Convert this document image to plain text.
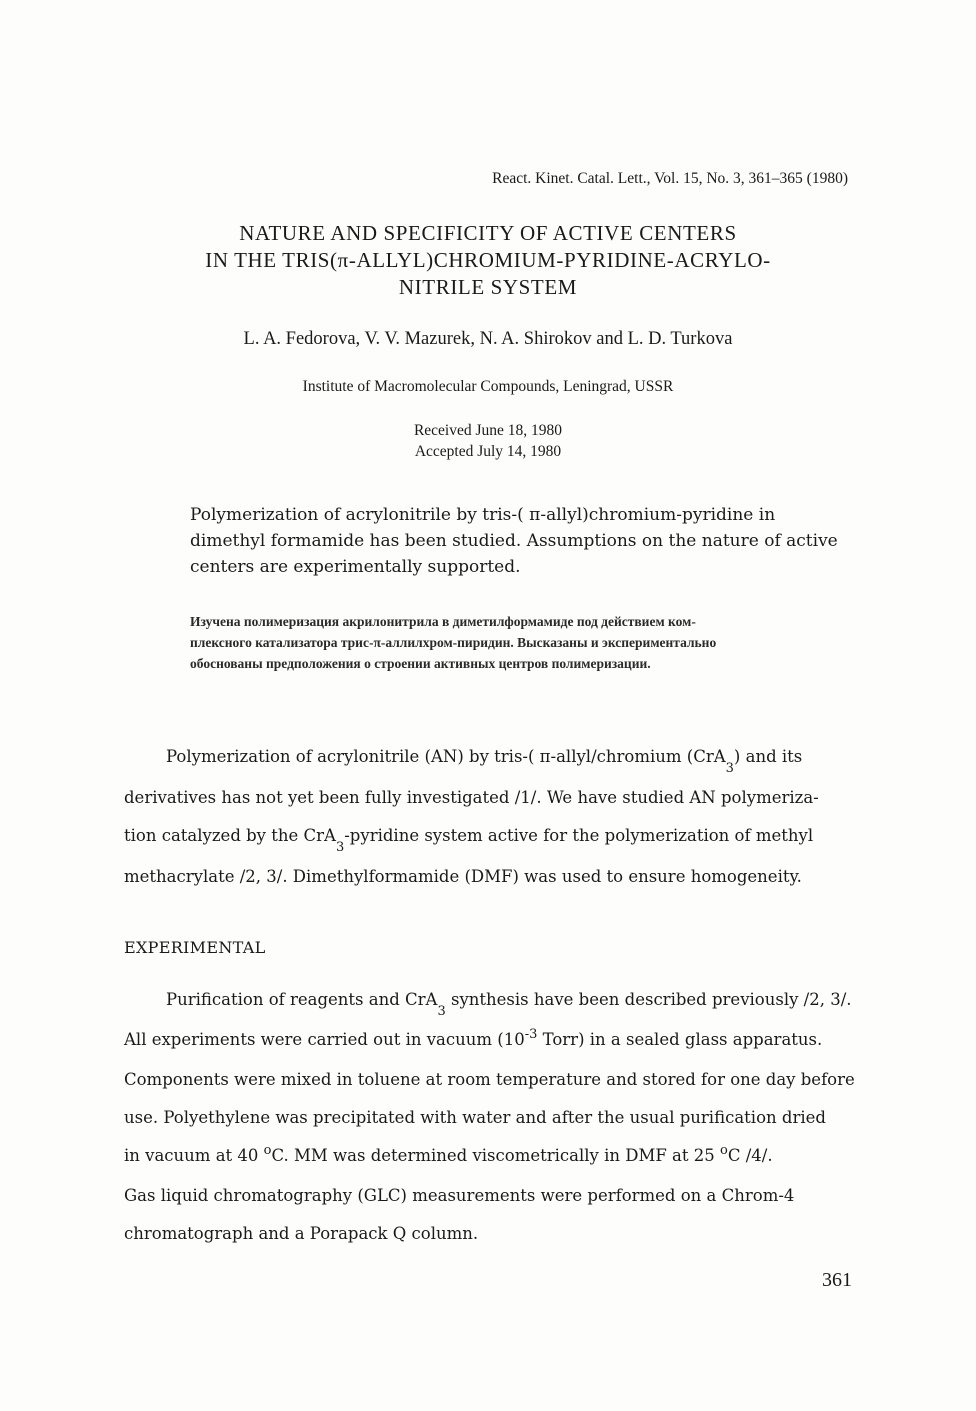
React. Kinet. Catal. Lett., Vol. 15, No. 3, 361–365 (1980)
NATURE AND SPECIFICITY OF ACTIVE CENTERS
IN THE TRIS(π-ALLYL)CHROMIUM-PYRIDINE-ACRYLO-
NITRILE SYSTEM
L. A. Fedorova, V. V. Mazurek, N. A. Shirokov and L. D. Turkova
Institute of Macromolecular Compounds, Leningrad, USSR
Received June 18, 1980
Accepted July 14, 1980
Polymerization of acrylonitrile by tris-( π-allyl)chromium-pyridine in
dimethyl formamide has been studied. Assumptions on the nature of active
centers are experimentally supported.
Изучена полимеризация акрилонитрила в диметилформамиде под действием ком-
плексного катализатора трис-π-аллилхром-пиридин. Высказаны и экспериментально
обоснованы предположения о строении активных центров полимеризации.
Polymerization of acrylonitrile (AN) by tris-( π-allyl/chromium (CrA$_3$) and its
derivatives has not yet been fully investigated /1/. We have studied AN polymeriza-
tion catalyzed by the CrA$_3$-pyridine system active for the polymerization of methyl
methacrylate /2, 3/. Dimethylformamide (DMF) was used to ensure homogeneity.
EXPERIMENTAL
Purification of reagents and CrA$_3$ synthesis have been described previously /2, 3/.
All experiments were carried out in vacuum ($10^{-3}$ Torr) in a sealed glass apparatus.
Components were mixed in toluene at room temperature and stored for one day before
use. Polyethylene was precipitated with water and after the usual purification dried
in vacuum at 40 $^o$C. MM was determined viscometrically in DMF at 25 $^o$C /4/.
Gas liquid chromatography (GLC) measurements were performed on a Chrom-4
chromatograph and a Porapack Q column.
361
